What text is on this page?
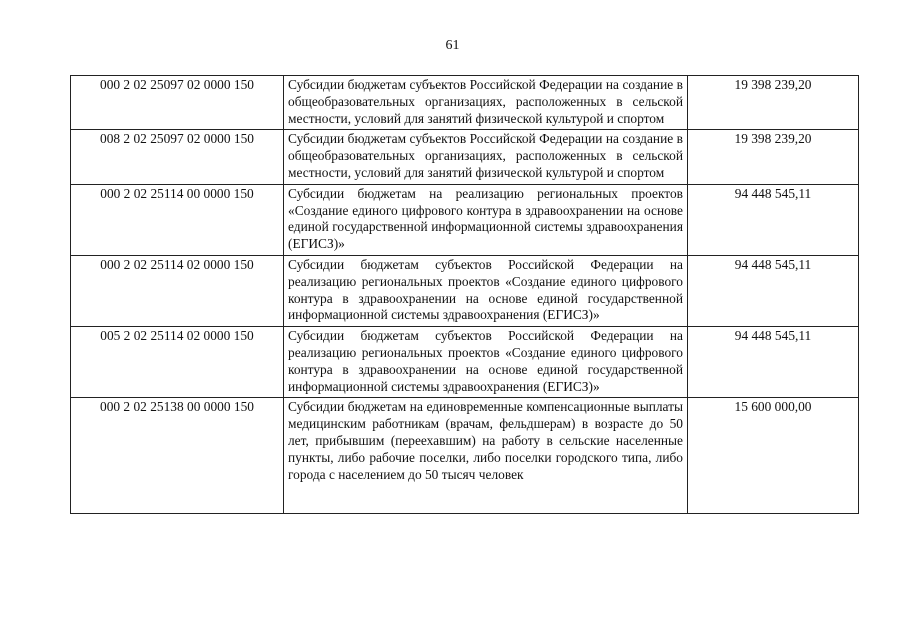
61
000 2 02 25097 02 0000 150	Субсидии бюджетам субъектов Российской Федерации на создание в общеобразовательных организациях, расположенных в сельской местности, условий для занятий физической культурой и спортом	19 398 239,20
008 2 02 25097 02 0000 150	Субсидии бюджетам субъектов Российской Федерации на создание в общеобразовательных организациях, расположенных в сельской местности, условий для занятий физической культурой и спортом	19 398 239,20
000 2 02 25114 00 0000 150	Субсидии бюджетам на реализацию региональных проектов «Создание единого цифрового контура в здравоохранении на основе единой государственной информационной системы здравоохранения (ЕГИСЗ)»	94 448 545,11
000 2 02 25114 02 0000 150	Субсидии бюджетам субъектов Российской Федерации на реализацию региональных проектов «Создание единого цифрового контура в здравоохранении на основе единой государственной информационной системы здравоохранения (ЕГИСЗ)»	94 448 545,11
005 2 02 25114 02 0000 150	Субсидии бюджетам субъектов Российской Федерации на реализацию региональных проектов «Создание единого цифрового контура в здравоохранении на основе единой государственной информационной системы здравоохранения (ЕГИСЗ)»	94 448 545,11
000 2 02 25138 00 0000 150	Субсидии бюджетам на единовременные компенсационные выплаты медицинским работникам (врачам, фельдшерам) в возрасте до 50 лет, прибывшим (переехавшим) на работу в сельские населенные пункты, либо рабочие поселки, либо поселки городского типа, либо города с населением до 50 тысяч человек	15 600 000,00
